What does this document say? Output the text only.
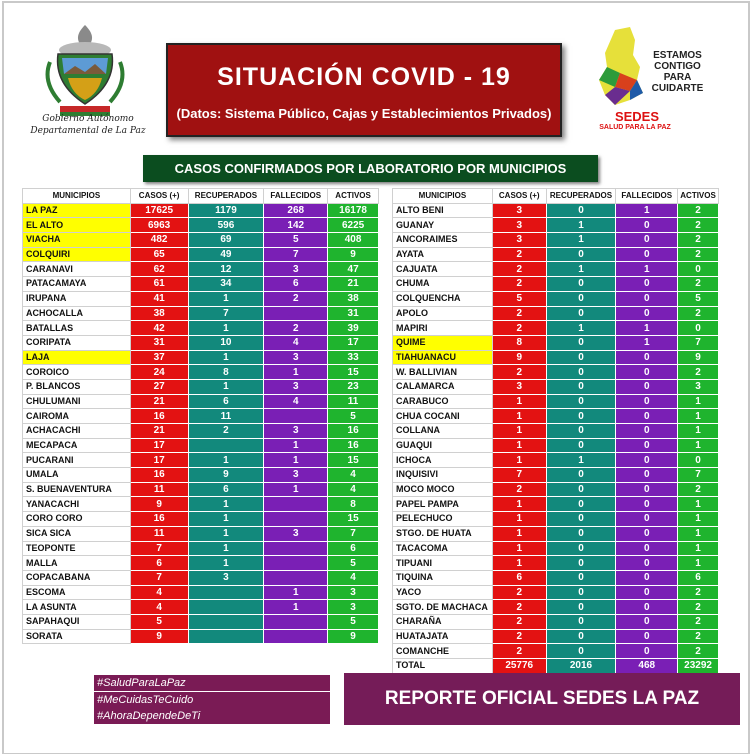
Gobierno Autónomo
Departamental de La Paz
SITUACIÓN COVID - 19
(Datos: Sistema Público, Cajas y Establecimientos Privados)
ESTAMOS
CONTIGO
PARA
CUIDARTE
SEDES
SALUD PARA LA PAZ
CASOS CONFIRMADOS POR LABORATORIO POR MUNICIPIOS
MUNICIPIOS	CASOS (+)	RECUPERADOS	FALLECIDOS	ACTIVOS
LA PAZ	17625	1179	268	16178
EL ALTO	6963	596	142	6225
VIACHA	482	69	5	408
COLQUIRI	65	49	7	9
CARANAVI	62	12	3	47
PATACAMAYA	61	34	6	21
IRUPANA	41	1	2	38
ACHOCALLA	38	7		31
BATALLAS	42	1	2	39
CORIPATA	31	10	4	17
LAJA	37	1	3	33
COROICO	24	8	1	15
P. BLANCOS	27	1	3	23
CHULUMANI	21	6	4	11
CAIROMA	16	11		5
ACHACACHI	21	2	3	16
MECAPACA	17		1	16
PUCARANI	17	1	1	15
UMALA	16	9	3	4
S. BUENAVENTURA	11	6	1	4
YANACACHI	9	1		8
CORO CORO	16	1		15
SICA SICA	11	1	3	7
TEOPONTE	7	1		6
MALLA	6	1		5
COPACABANA	7	3		4
ESCOMA	4		1	3
LA ASUNTA	4		1	3
SAPAHAQUI	5			5
SORATA	9			9
MUNICIPIOS	CASOS (+)	RECUPERADOS	FALLECIDOS	ACTIVOS
ALTO BENI	3	0	1	2
GUANAY	3	1	0	2
ANCORAIMES	3	1	0	2
AYATA	2	0	0	2
CAJUATA	2	1	1	0
CHUMA	2	0	0	2
COLQUENCHA	5	0	0	5
APOLO	2	0	0	2
MAPIRI	2	1	1	0
QUIME	8	0	1	7
TIAHUANACU	9	0	0	9
W. BALLIVIAN	2	0	0	2
CALAMARCA	3	0	0	3
CARABUCO	1	0	0	1
CHUA COCANI	1	0	0	1
COLLANA	1	0	0	1
GUAQUI	1	0	0	1
ICHOCA	1	1	0	0
INQUISIVI	7	0	0	7
MOCO MOCO	2	0	0	2
PAPEL PAMPA	1	0	0	1
PELECHUCO	1	0	0	1
STGO. DE HUATA	1	0	0	1
TACACOMA	1	0	0	1
TIPUANI	1	0	0	1
TIQUINA	6	0	0	6
YACO	2	0	0	2
SGTO. DE MACHACA	2	0	0	2
CHARAÑA	2	0	0	2
HUATAJATA	2	0	0	2
COMANCHE	2	0	0	2
TOTAL	25776	2016	468	23292
#SaludParaLaPaz
#MeCuidasTeCuido
#AhoraDependeDeTi
REPORTE OFICIAL SEDES LA PAZ
